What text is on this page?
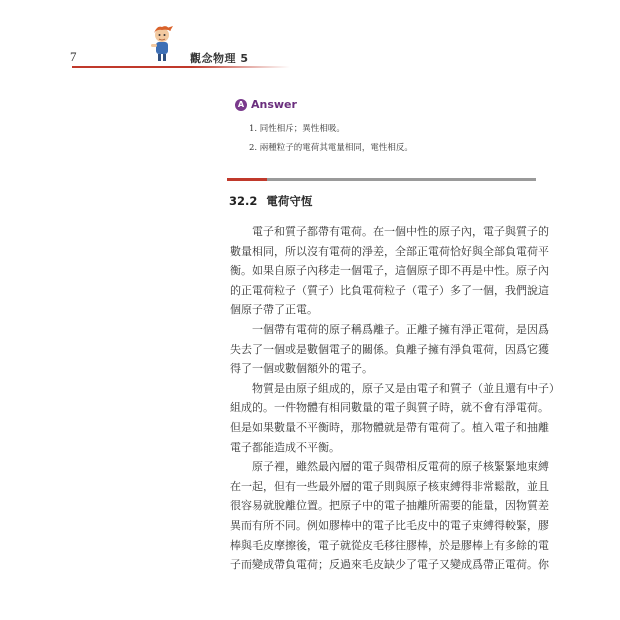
7	觀念物理 5
A Answer
1. 同性相斥；異性相吸。
2. 兩種粒子的電荷其電量相同，電性相反。
32.2 電荷守恆
電子和質子都帶有電荷。在一個中性的原子內，電子與質子的
數量相同，所以沒有電荷的淨差，全部正電荷恰好與全部負電荷平
衡。如果自原子內移走一個電子，這個原子即不再是中性。原子內
的正電荷粒子（質子）比負電荷粒子（電子）多了一個，我們說這
個原子帶了正電。
一個帶有電荷的原子稱爲離子。正離子擁有淨正電荷，是因爲
失去了一個或是數個電子的關係。負離子擁有淨負電荷，因爲它獲
得了一個或數個額外的電子。
物質是由原子組成的，原子又是由電子和質子（並且還有中子）
組成的。一件物體有相同數量的電子與質子時，就不會有淨電荷。
但是如果數量不平衡時，那物體就是帶有電荷了。植入電子和抽離
電子都能造成不平衡。
原子裡，雖然最內層的電子與帶相反電荷的原子核緊緊地束縛
在一起，但有一些最外層的電子則與原子核束縛得非常鬆散，並且
很容易就脫離位置。把原子中的電子抽離所需要的能量，因物質差
異而有所不同。例如膠棒中的電子比毛皮中的電子束縛得較緊，膠
棒與毛皮摩擦後，電子就從皮毛移往膠棒，於是膠棒上有多餘的電
子而變成帶負電荷；反過來毛皮缺少了電子又變成爲帶正電荷。你
